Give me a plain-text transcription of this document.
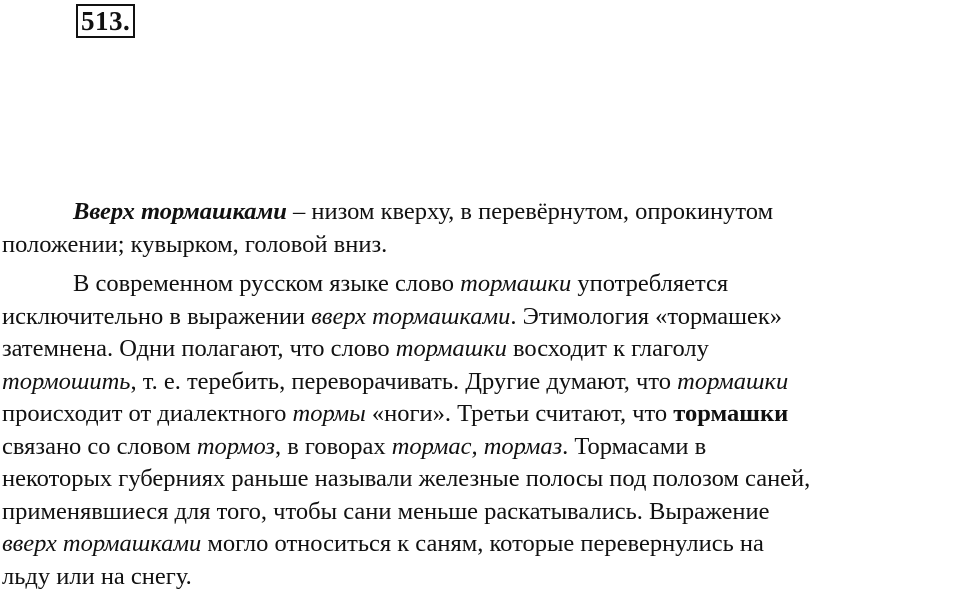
513.

Вверх тормашками – низом кверху, в перевёрнутом, опрокинутом
положении; кувырком, головой вниз.

В современном русском языке слово тормашки употребляется
исключительно в выражении вверх тормашками. Этимология «тормашек»
затемнена. Одни полагают, что слово тормашки восходит к глаголу
тормошить, т. е. теребить, переворачивать. Другие думают, что тормашки
происходит от диалектного тормы «ноги». Третьи считают, что тормашки
связано со словом тормоз, в говорах тормас, тормаз. Тормасами в
некоторых губерниях раньше называли железные полосы под полозом саней,
применявшиеся для того, чтобы сани меньше раскатывались. Выражение
вверх тормашками могло относиться к саням, которые перевернулись на
льду или на снегу.
